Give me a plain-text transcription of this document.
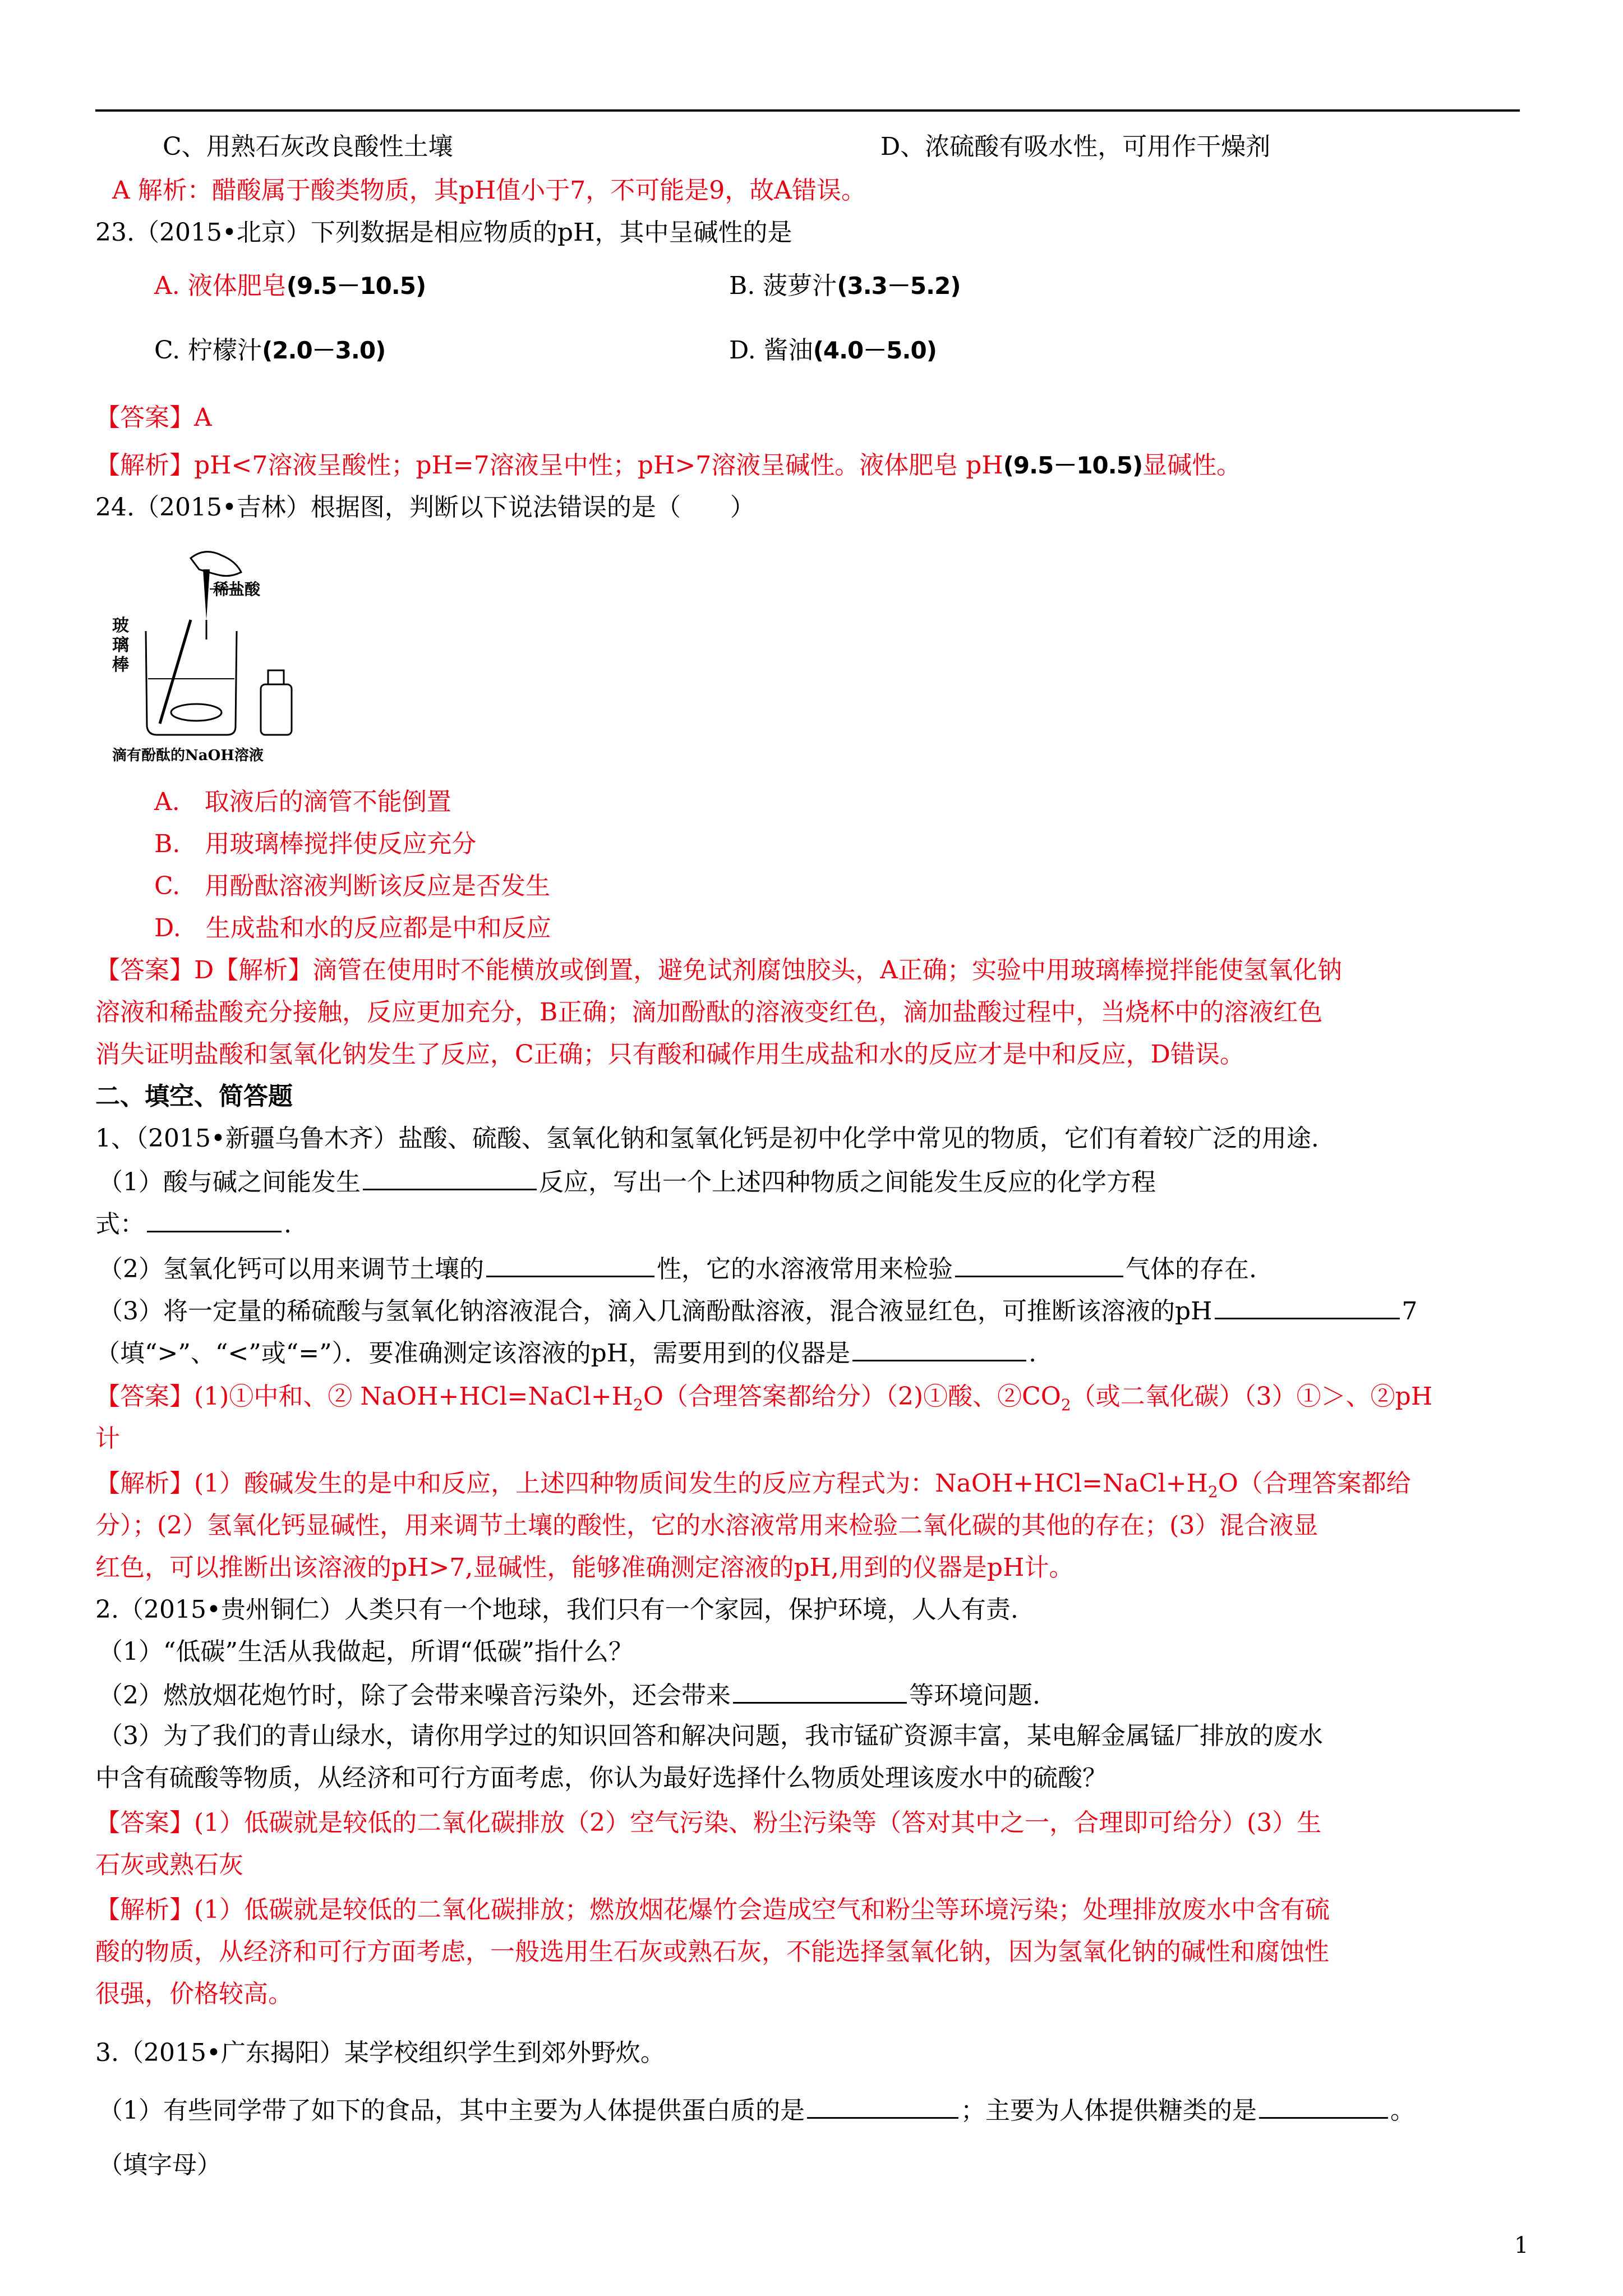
C、用熟石灰改良酸性土壤	D、浓硫酸有吸水性，可用作干燥剂
A 解析：醋酸属于酸类物质，其pH值小于7，不可能是9，故A错误。
23.（2015•北京）下列数据是相应物质的pH，其中呈碱性的是
A. 液体肥皂(9.5－10.5)	B. 菠萝汁(3.3－5.2)
C. 柠檬汁(2.0－3.0)	D. 酱油(4.0－5.0)
【答案】A
【解析】pH<7溶液呈酸性；pH=7溶液呈中性；pH>7溶液呈碱性。液体肥皂 pH(9.5－10.5)显碱性。
24.（2015•吉林）根据图，判断以下说法错误的是（　　）
玻
璃
棒
稀盐酸
滴有酚酞的NaOH溶液
A.　取液后的滴管不能倒置
B.　用玻璃棒搅拌使反应充分
C.　用酚酞溶液判断该反应是否发生
D.　生成盐和水的反应都是中和反应
【答案】D【解析】滴管在使用时不能横放或倒置，避免试剂腐蚀胶头，A正确；实验中用玻璃棒搅拌能使氢氧化钠
溶液和稀盐酸充分接触，反应更加充分，B正确；滴加酚酞的溶液变红色，滴加盐酸过程中，当烧杯中的溶液红色
消失证明盐酸和氢氧化钠发生了反应，C正确；只有酸和碱作用生成盐和水的反应才是中和反应，D错误。
二、填空、简答题
1、（2015•新疆乌鲁木齐）盐酸、硫酸、氢氧化钠和氢氧化钙是初中化学中常见的物质，它们有着较广泛的用途.
（1）酸与碱之间能发生	反应，写出一个上述四种物质之间能发生反应的化学方程
式：	.
（2）氢氧化钙可以用来调节土壤的	性，它的水溶液常用来检验	气体的存在.
（3）将一定量的稀硫酸与氢氧化钠溶液混合，滴入几滴酚酞溶液，混合液显红色，可推断该溶液的pH	7
（填“>”、“<”或“=”）．要准确测定该溶液的pH，需要用到的仪器是	.
【答案】(1)①中和、② $NaOH+HCl=NaCl+H_2O$（合理答案都给分）（2)①酸、$②CO_2$（或二氧化碳）（3）①＞、②pH
计
【解析】(1）酸碱发生的是中和反应，上述四种物质间发生的反应方程式为：$NaOH+HCl=NaCl+H_2O$（合理答案都给
分）；(2）氢氧化钙显碱性，用来调节土壤的酸性，它的水溶液常用来检验二氧化碳的其他的存在；(3）混合液显
红色，可以推断出该溶液的pH>7,显碱性，能够准确测定溶液的pH,用到的仪器是pH计。
2.（2015•贵州铜仁）人类只有一个地球，我们只有一个家园，保护环境，人人有责.
（1）“低碳”生活从我做起，所谓“低碳”指什么？
（2）燃放烟花炮竹时，除了会带来噪音污染外，还会带来	等环境问题.
（3）为了我们的青山绿水，请你用学过的知识回答和解决问题，我市锰矿资源丰富，某电解金属锰厂排放的废水
中含有硫酸等物质，从经济和可行方面考虑，你认为最好选择什么物质处理该废水中的硫酸？
【答案】(1）低碳就是较低的二氧化碳排放（2）空气污染、粉尘污染等（答对其中之一，合理即可给分）(3）生
石灰或熟石灰
【解析】(1）低碳就是较低的二氧化碳排放；燃放烟花爆竹会造成空气和粉尘等环境污染；处理排放废水中含有硫
酸的物质，从经济和可行方面考虑，一般选用生石灰或熟石灰，不能选择氢氧化钠，因为氢氧化钠的碱性和腐蚀性
很强，价格较高。
3.（2015•广东揭阳）某学校组织学生到郊外野炊。
（1）有些同学带了如下的食品，其中主要为人体提供蛋白质的是	；主要为人体提供糖类的是	。
（填字母）
1
